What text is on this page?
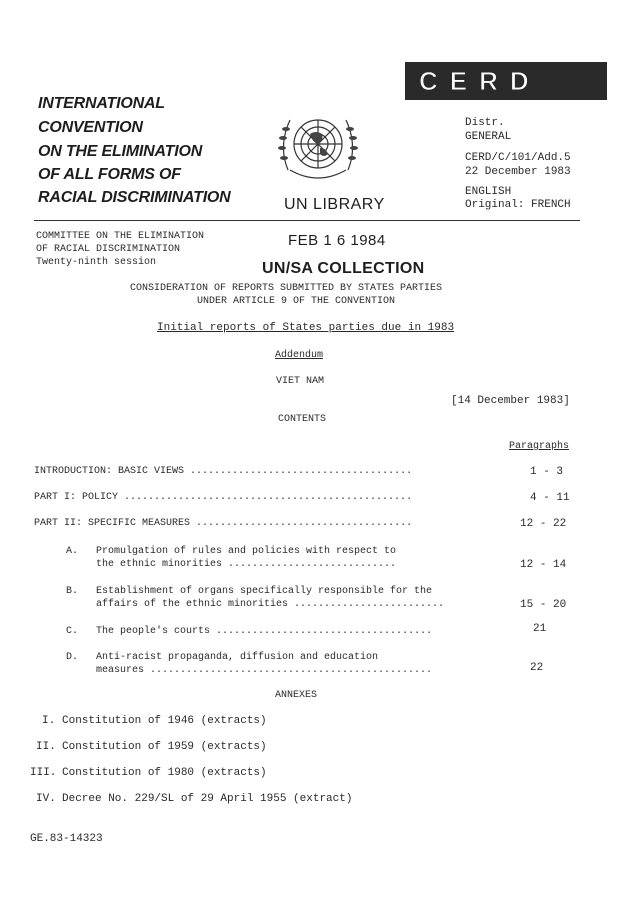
INTERNATIONAL
CONVENTION
ON THE ELIMINATION
OF ALL FORMS OF
RACIAL DISCRIMINATION	UN LIBRARY
CERD
Distr.
GENERAL
CERD/C/101/Add.5
22 December 1983
ENGLISH
Original: FRENCH
COMMITTEE ON THE ELIMINATION
OF RACIAL DISCRIMINATION
Twenty-ninth session
FEB 1 6 1984
UN/SA COLLECTION
CONSIDERATION OF REPORTS SUBMITTED BY STATES PARTIES
UNDER ARTICLE 9 OF THE CONVENTION
Initial reports of States parties due in 1983
Addendum
VIET NAM
[14 December 1983]
CONTENTS
Paragraphs
INTRODUCTION: BASIC VIEWS .....................................	1 - 3
PART I: POLICY ................................................	4 - 11
PART II: SPECIFIC MEASURES ....................................	12 - 22
A. Promulgation of rules and policies with respect to
the ethnic minorities ............................	12 - 14
B. Establishment of organs specifically responsible for the
affairs of the ethnic minorities .........................	15 - 20
C. The people's courts ....................................	21
D. Anti-racist propaganda, diffusion and education
measures ...............................................	22
ANNEXES
I. Constitution of 1946 (extracts)
II. Constitution of 1959 (extracts)
III. Constitution of 1980 (extracts)
IV. Decree No. 229/SL of 29 April 1955 (extract)
GE.83-14323
